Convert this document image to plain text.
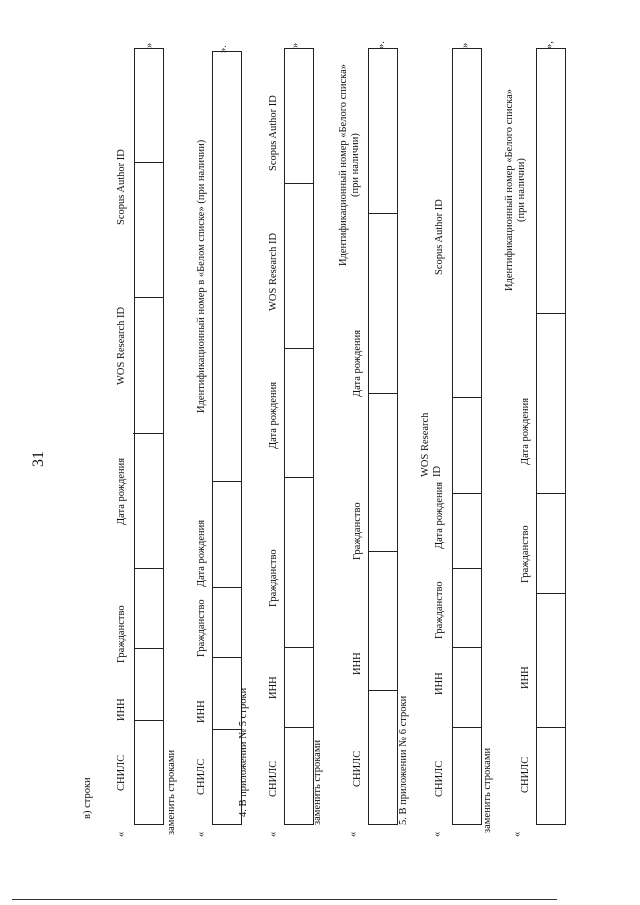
31
в) строки
«
СНИЛС
ИНН
Гражданство
Дата рождения
WOS Research ID
Scopus Author ID
»
заменить строками «
СНИЛС
ИНН
Гражданство
Дата рождения
Идентификационный номер в «Белом списке» (при наличии)
».
4. В приложении № 5 строки
«
СНИЛС
ИНН
Гражданство
Дата рождения
WOS Research ID
Scopus Author ID
»
заменить строками
«
СНИЛС
ИНН
Гражданство
Дата рождения
Идентификационный номер «Белого списка» (при наличии)
».
5. В приложении № 6 строки
«
СНИЛС
ИНН
Гражданство
Дата рождения
WOS Research ID
Scopus Author ID
»
заменить строками
«
СНИЛС
ИНН
Гражданство
Дата рождения
Идентификационный номер «Белого списка» (при наличии)
»,
